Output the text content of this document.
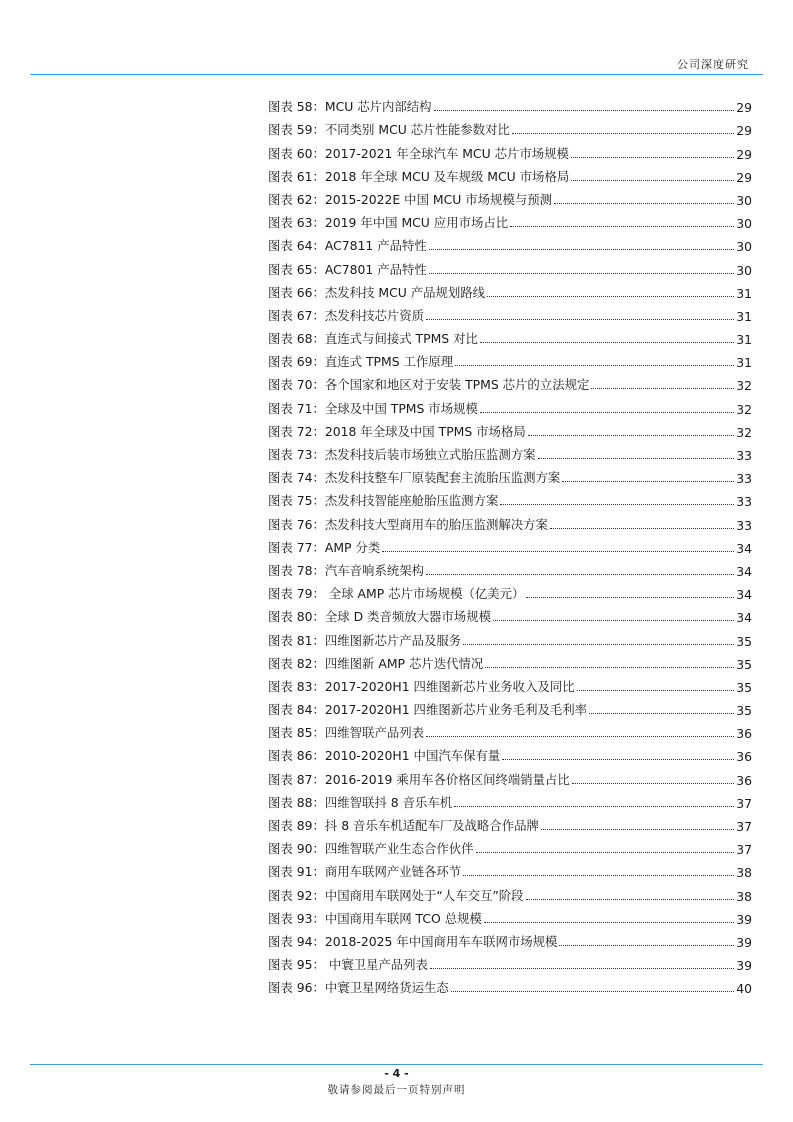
公司深度研究
图表 58：MCU 芯片内部结构	29
图表 59：不同类别 MCU 芯片性能参数对比	29
图表 60：2017-2021 年全球汽车 MCU 芯片市场规模	29
图表 61：2018 年全球 MCU 及车规级 MCU 市场格局	29
图表 62：2015-2022E 中国 MCU 市场规模与预测	30
图表 63：2019 年中国 MCU 应用市场占比	30
图表 64：AC7811 产品特性	30
图表 65：AC7801 产品特性	30
图表 66：杰发科技 MCU 产品规划路线	31
图表 67：杰发科技芯片资质	31
图表 68：直连式与间接式 TPMS 对比	31
图表 69：直连式 TPMS 工作原理	31
图表 70：各个国家和地区对于安装 TPMS 芯片的立法规定	32
图表 71：全球及中国 TPMS 市场规模	32
图表 72：2018 年全球及中国 TPMS 市场格局	32
图表 73：杰发科技后装市场独立式胎压监测方案	33
图表 74：杰发科技整车厂原装配套主流胎压监测方案	33
图表 75：杰发科技智能座舱胎压监测方案	33
图表 76：杰发科技大型商用车的胎压监测解决方案	33
图表 77：AMP 分类	34
图表 78：汽车音响系统架构	34
图表 79： 全球 AMP 芯片市场规模（亿美元）	34
图表 80：全球 D 类音频放大器市场规模	34
图表 81：四维图新芯片产品及服务	35
图表 82：四维图新 AMP 芯片迭代情况	35
图表 83：2017-2020H1 四维图新芯片业务收入及同比	35
图表 84：2017-2020H1 四维图新芯片业务毛利及毛利率	35
图表 85：四维智联产品列表	36
图表 86：2010-2020H1 中国汽车保有量	36
图表 87：2016-2019 乘用车各价格区间终端销量占比	36
图表 88：四维智联抖 8 音乐车机	37
图表 89：抖 8 音乐车机适配车厂及战略合作品牌	37
图表 90：四维智联产业生态合作伙伴	37
图表 91：商用车联网产业链各环节	38
图表 92：中国商用车联网处于“人车交互”阶段	38
图表 93：中国商用车联网 TCO 总规模	39
图表 94：2018-2025 年中国商用车车联网市场规模	39
图表 95： 中寰卫星产品列表	39
图表 96：中寰卫星网络货运生态	40
- 4 -
敬请参阅最后一页特别声明
